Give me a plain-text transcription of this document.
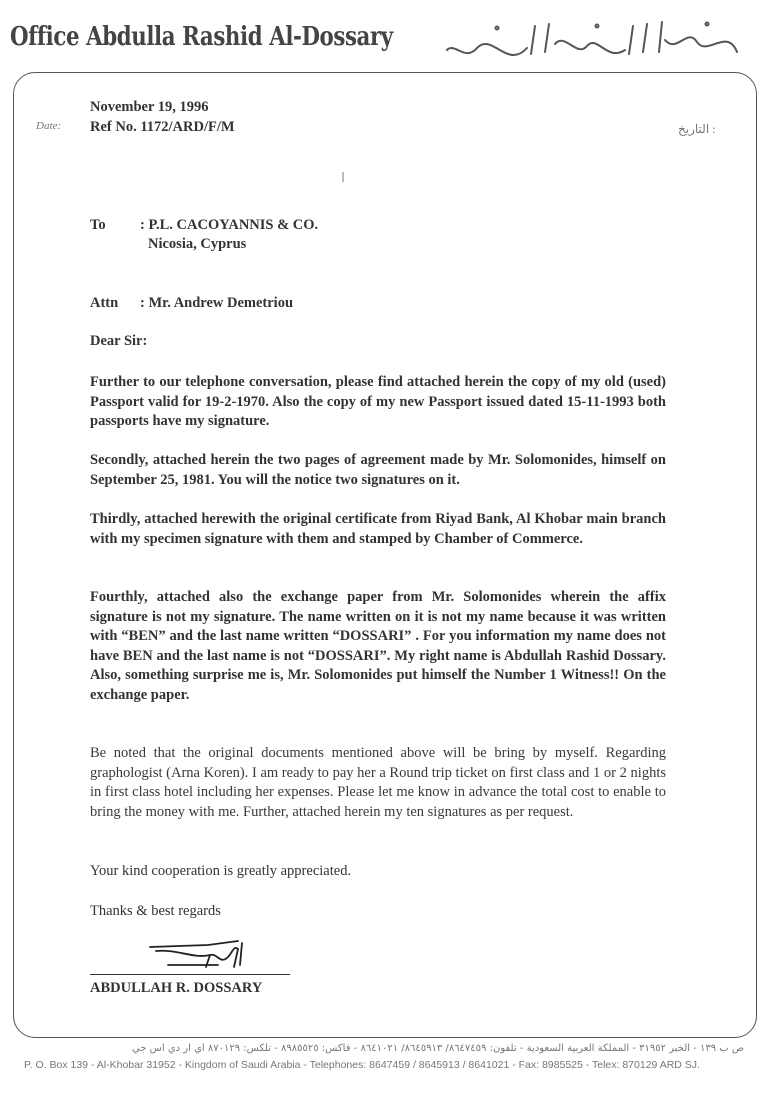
Office Abdulla Rashid Al-Dossary
Date:	التاريخ :
November 19, 1996
Ref No. 1172/ARD/F/M
To : P.L. CACOYANNIS & CO.
Nicosia, Cyprus
Attn : Mr. Andrew Demetriou
Dear Sir:
Further to our telephone conversation, please find attached herein the copy of my old (used) Passport valid for 19-2-1970. Also the copy of my new Passport issued dated 15-11-1993 both passports have my signature.
Secondly, attached herein the two pages of agreement made by Mr. Solomonides, himself on September 25, 1981. You will the notice two signatures on it.
Thirdly, attached herewith the original certificate from Riyad Bank, Al Khobar main branch with my specimen signature with them and stamped by Chamber of Commerce.
Fourthly, attached also the exchange paper from Mr. Solomonides wherein the affix signature is not my signature. The name written on it is not my name because it was written with “BEN” and the last name written “DOSSARI” . For you information my name does not have BEN and the last name is not “DOSSARI”. My right name is Abdullah Rashid Dossary. Also, something surprise me is, Mr. Solomonides put himself the Number 1 Witness!! On the exchange paper.
Be noted that the original documents mentioned above will be bring by myself. Regarding graphologist (Arna Koren). I am ready to pay her a Round trip ticket on first class and 1 or 2 nights in first class hotel including her expenses. Please let me know in advance the total cost to enable to bring the money with me. Further, attached herein my ten signatures as per request.
Your kind cooperation is greatly appreciated.
Thanks & best regards
ABDULLAH R. DOSSARY
ص ب ١٣٩ - الخبر ٣١٩٥٢ - المملكة العربية السعودية - تلفون: ٨٦٤٧٤٥٩/ ٨٦٤٥٩١٣/ ٨٦٤١٠٢١ - فاكس: ٨٩٨٥٥٢٥ - تلكس: ٨٧٠١٢٩ أي آر دي اس جي
P. O. Box 139 - Al-Khobar 31952 - Kingdom of Saudi Arabia - Telephones: 8647459 / 8645913 / 8641021 - Fax: 8985525 - Telex: 870129 ARD SJ.
